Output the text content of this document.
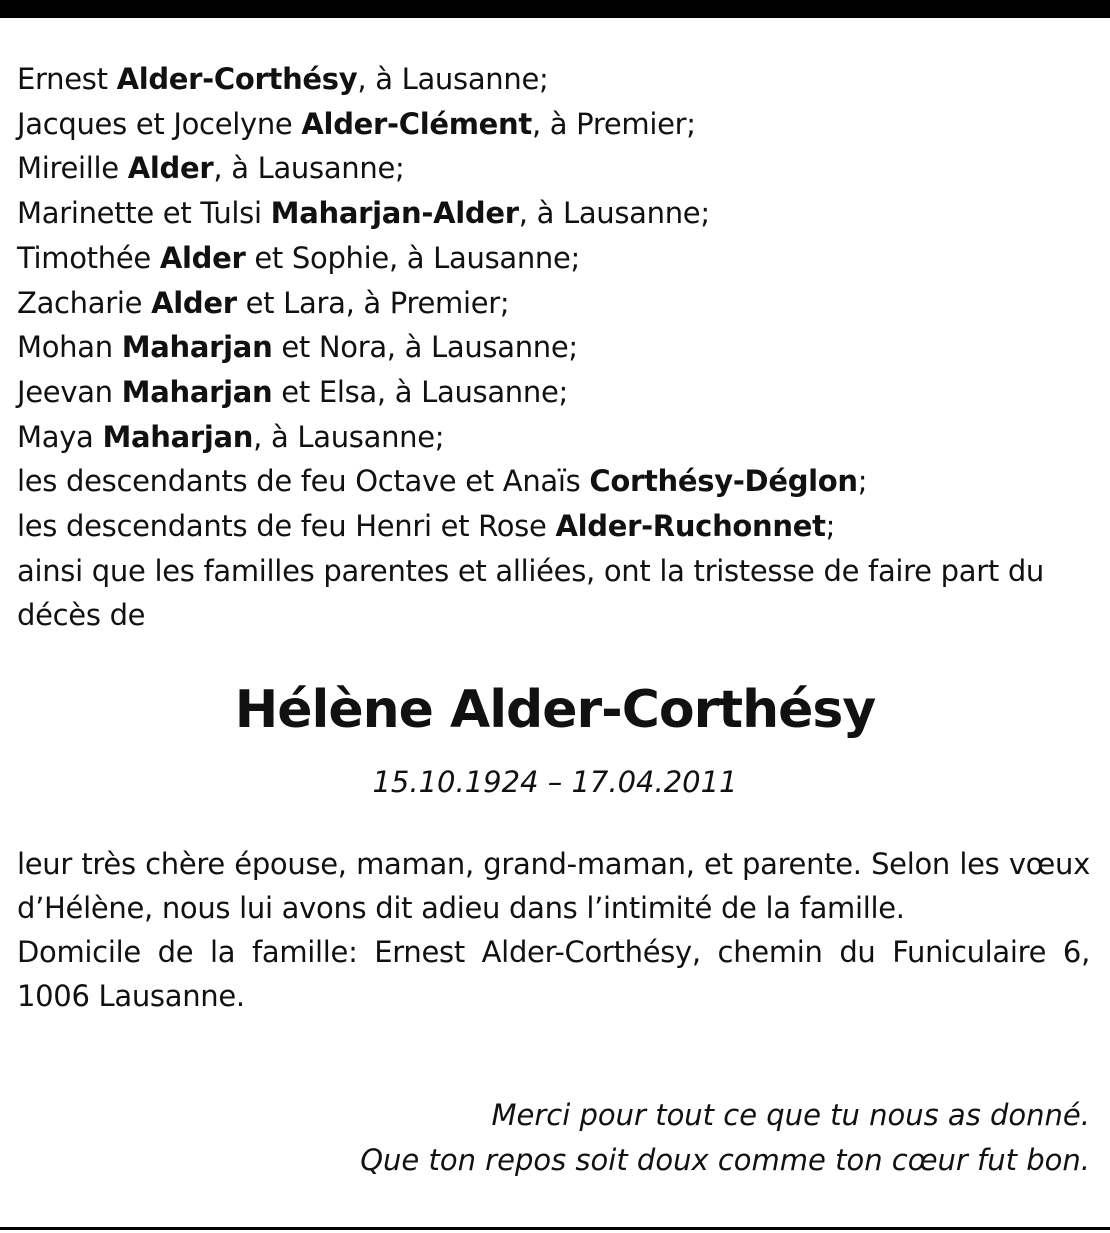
Ernest Alder-Corthésy, à Lausanne;
Jacques et Jocelyne Alder-Clément, à Premier;
Mireille Alder, à Lausanne;
Marinette et Tulsi Maharjan-Alder, à Lausanne;
Timothée Alder et Sophie, à Lausanne;
Zacharie Alder et Lara, à Premier;
Mohan Maharjan et Nora, à Lausanne;
Jeevan Maharjan et Elsa, à Lausanne;
Maya Maharjan, à Lausanne;
les descendants de feu Octave et Anaïs Corthésy-Déglon;
les descendants de feu Henri et Rose Alder-Ruchonnet;

ainsi que les familles parentes et alliées, ont la tristesse de faire part du décès de

Hélène Alder-Corthésy
15.10.1924 – 17.04.2011

leur très chère épouse, maman, grand-maman, et parente. Selon les vœux d’Hélène, nous lui avons dit adieu dans l’intimité de la famille.

Domicile de la famille: Ernest Alder-Corthésy, chemin du Funiculaire 6, 1006 Lausanne.

Merci pour tout ce que tu nous as donné.

Que ton repos soit doux comme ton cœur fut bon.
